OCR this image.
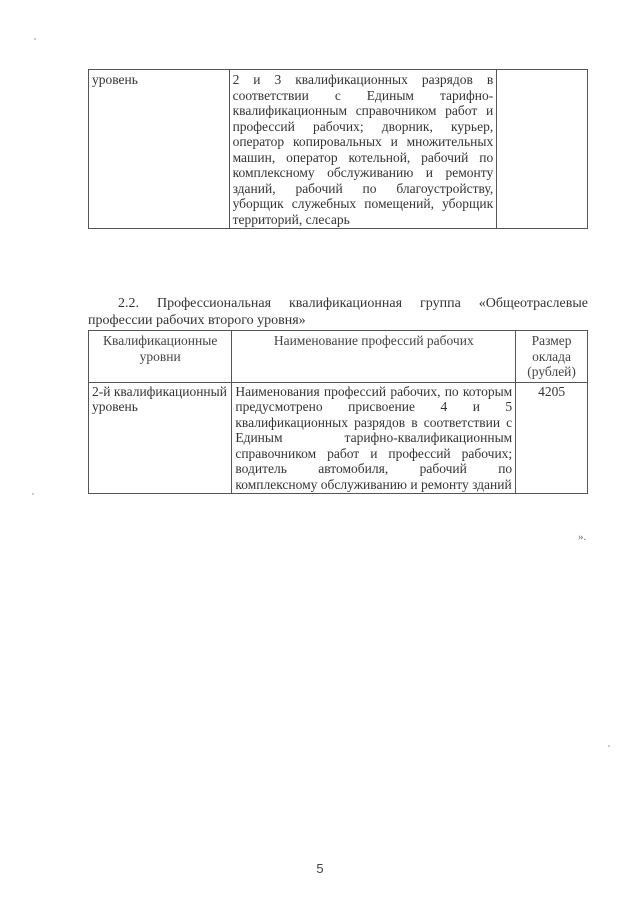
уровень	2 и 3 квалификационных разрядов в соответствии с Единым тарифно-квалификационным справочником работ и профессий рабочих; дворник, курьер, оператор копировальных и множительных машин, оператор котельной, рабочий по комплексному обслуживанию и ремонту зданий, рабочий по благоустройству, уборщик служебных помещений, уборщик территорий, слесарь	

2.2. Профессиональная квалификационная группа «Общеотраслевые профессии рабочих второго уровня»

Квалификационные уровни	Наименование профессий рабочих	Размер оклада (рублей)
2-й квалификационный уровень	Наименования профессий рабочих, по которым предусмотрено присвоение 4 и 5 квалификационных разрядов в соответствии с Единым тарифно-квалификационным справочником работ и профессий рабочих; водитель автомобиля, рабочий по комплексному обслуживанию и ремонту зданий	4205
».
5
